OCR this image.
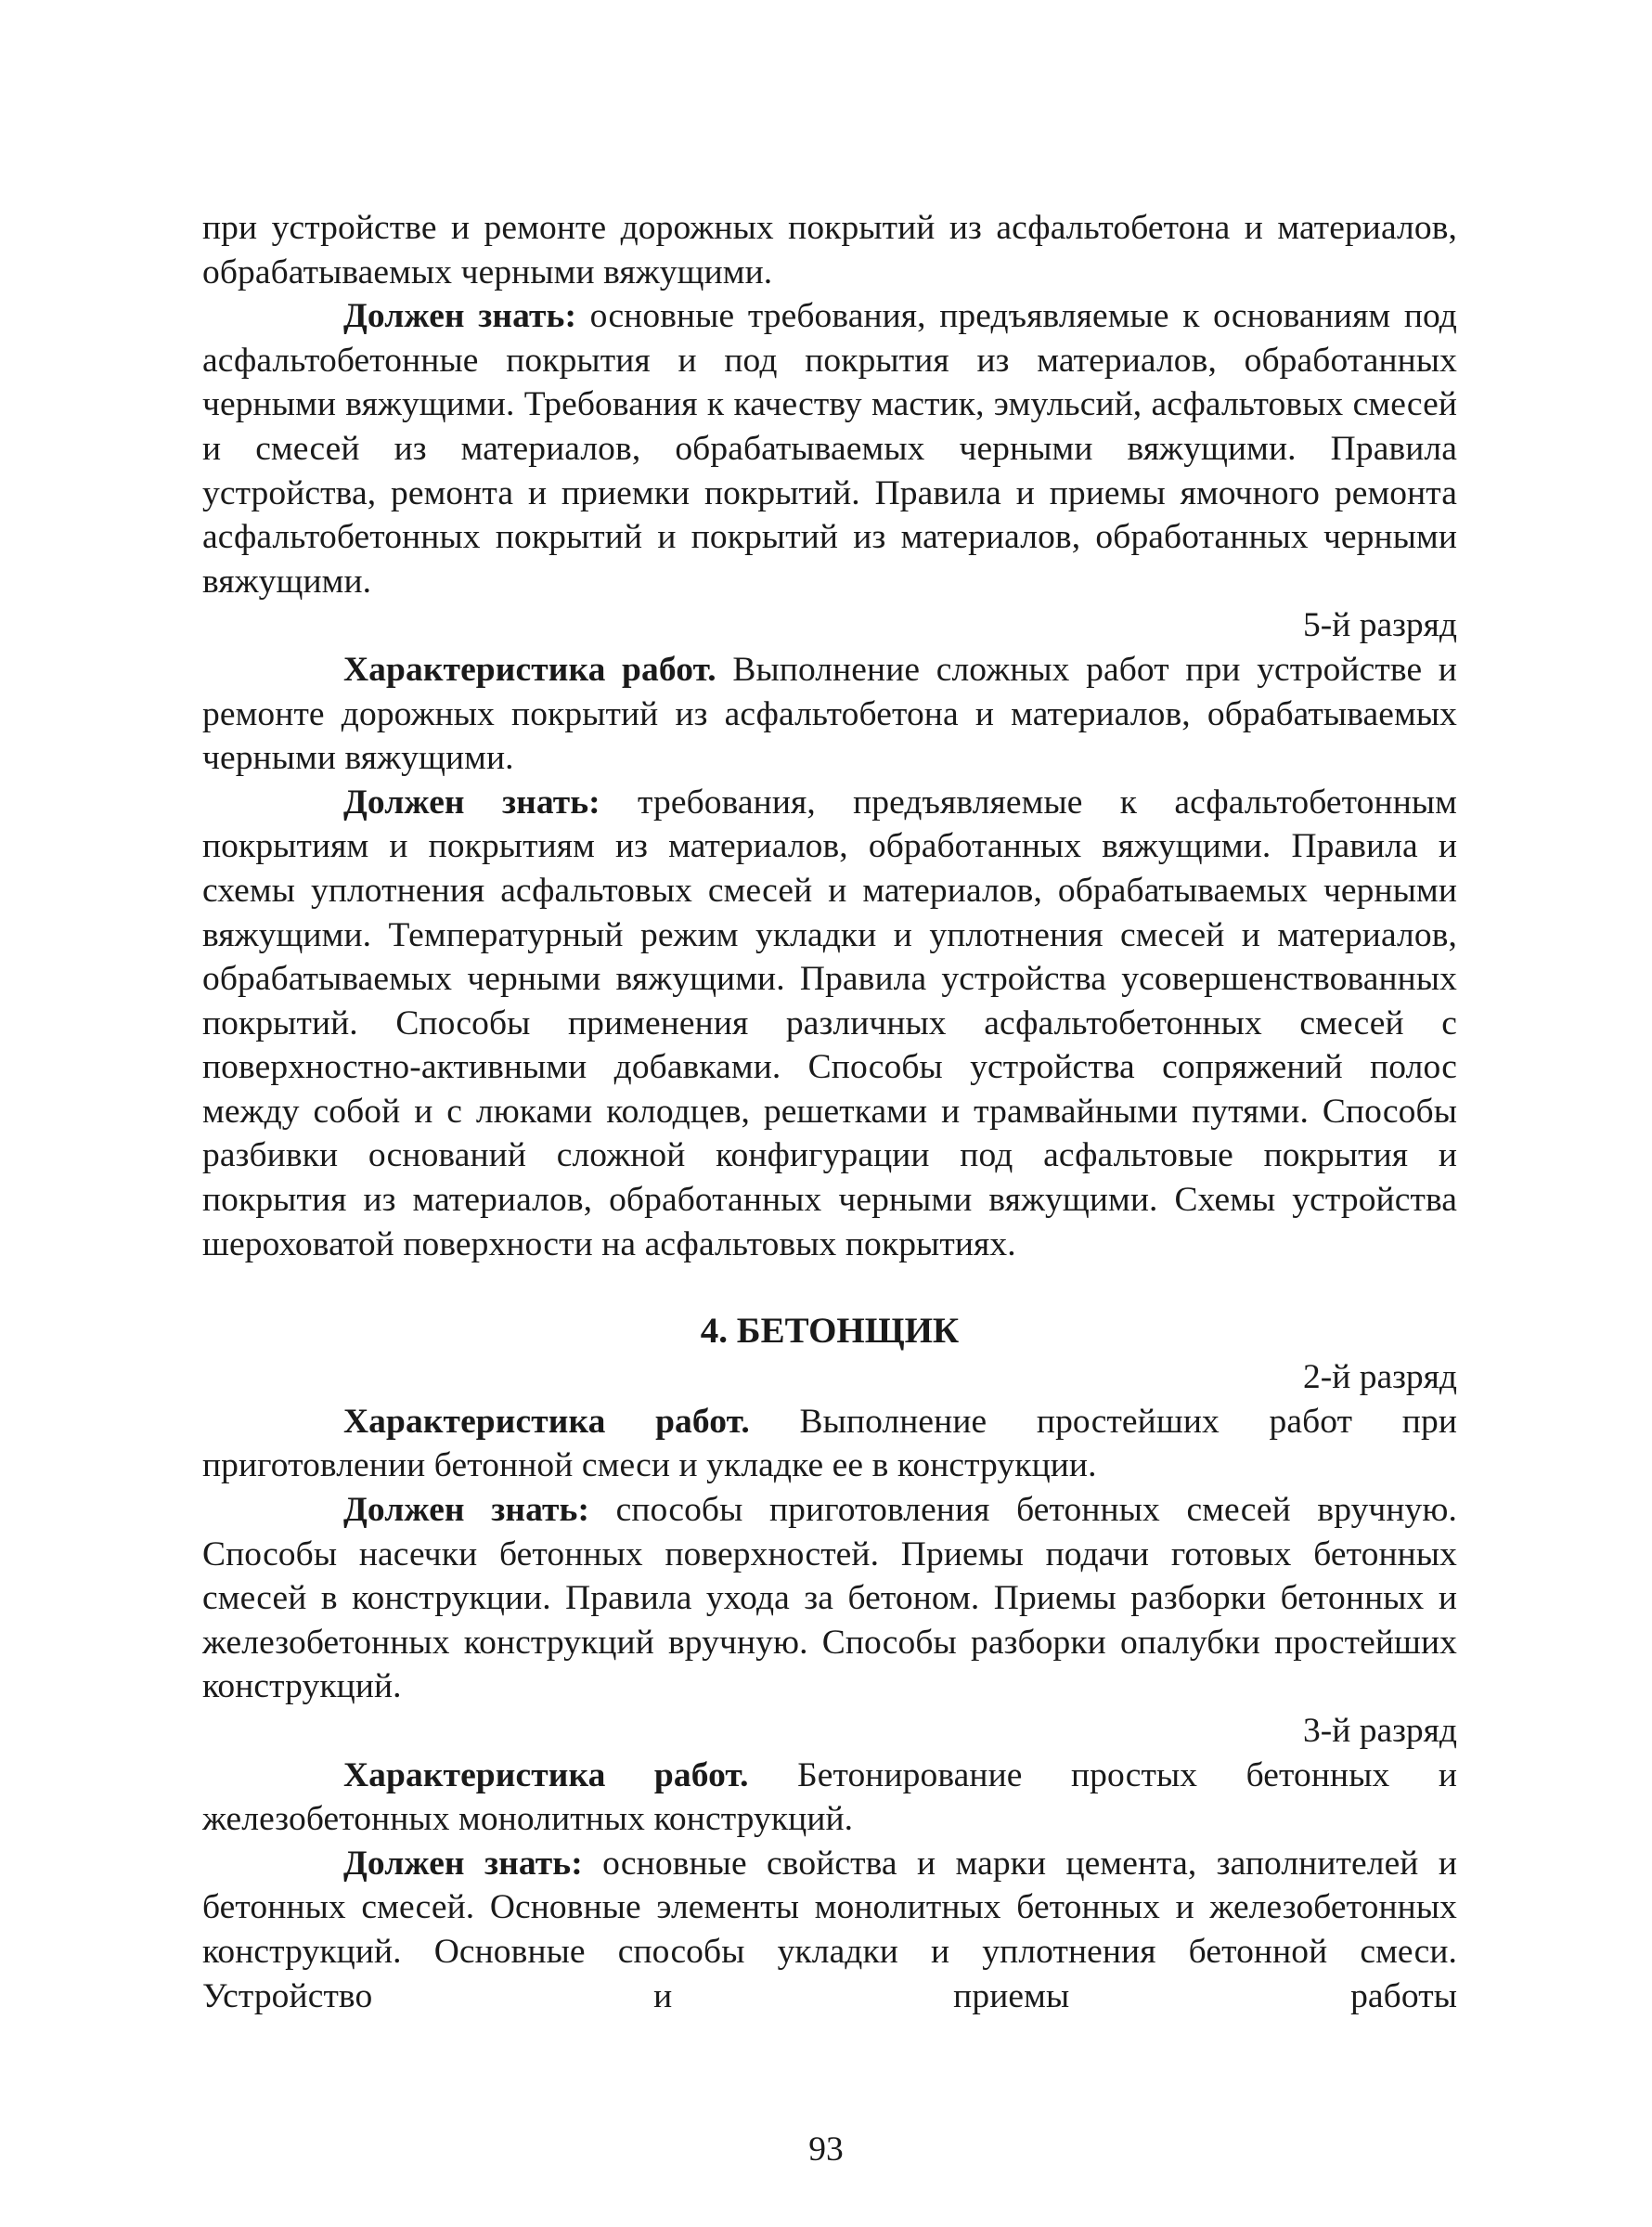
при устройстве и ремонте дорожных покрытий из асфальтобетона и материалов, обрабатываемых черными вяжущими.

Должен знать: основные требования, предъявляемые к основаниям под асфальтобетонные покрытия и под покрытия из материалов, обработанных черными вяжущими. Требования к качеству мастик, эмульсий, асфальтовых смесей и смесей из материалов, обрабатываемых черными вяжущими. Правила устройства, ремонта и приемки покрытий. Правила и приемы ямочного ремонта асфальтобетонных покрытий и покрытий из материалов, обработанных черными вяжущими.

5-й разряд

Характеристика работ. Выполнение сложных работ при устройстве и ремонте дорожных покрытий из асфальтобетона и материалов, обрабатываемых черными вяжущими.

Должен знать: требования, предъявляемые к асфальтобетонным покрытиям и покрытиям из материалов, обработанных вяжущими. Правила и схемы уплотнения асфальтовых смесей и материалов, обрабатываемых черными вяжущими. Температурный режим укладки и уплотнения смесей и материалов, обрабатываемых черными вяжущими. Правила устройства усовершенствованных покрытий. Способы применения различных асфальтобетонных смесей с поверхностно-активными добавками. Способы устройства сопряжений полос между собой и с люками колодцев, решетками и трамвайными путями. Способы разбивки оснований сложной конфигурации под асфальтовые покрытия и покрытия из материалов, обработанных черными вяжущими. Схемы устройства шероховатой поверхности на асфальтовых покрытиях.

4. БЕТОНЩИК

2-й разряд

Характеристика работ. Выполнение простейших работ при приготовлении бетонной смеси и укладке ее в конструкции.

Должен знать: способы приготовления бетонных смесей вручную. Способы насечки бетонных поверхностей. Приемы подачи готовых бетонных смесей в конструкции. Правила ухода за бетоном. Приемы разборки бетонных и железобетонных конструкций вручную. Способы разборки опалубки простейших конструкций.

3-й разряд

Характеристика работ. Бетонирование простых бетонных и железобетонных монолитных конструкций.

Должен знать: основные свойства и марки цемента, заполнителей и бетонных смесей. Основные элементы монолитных бетонных и железобетонных конструкций. Основные способы укладки и уплотнения бетонной смеси. Устройство и приемы работы

93
